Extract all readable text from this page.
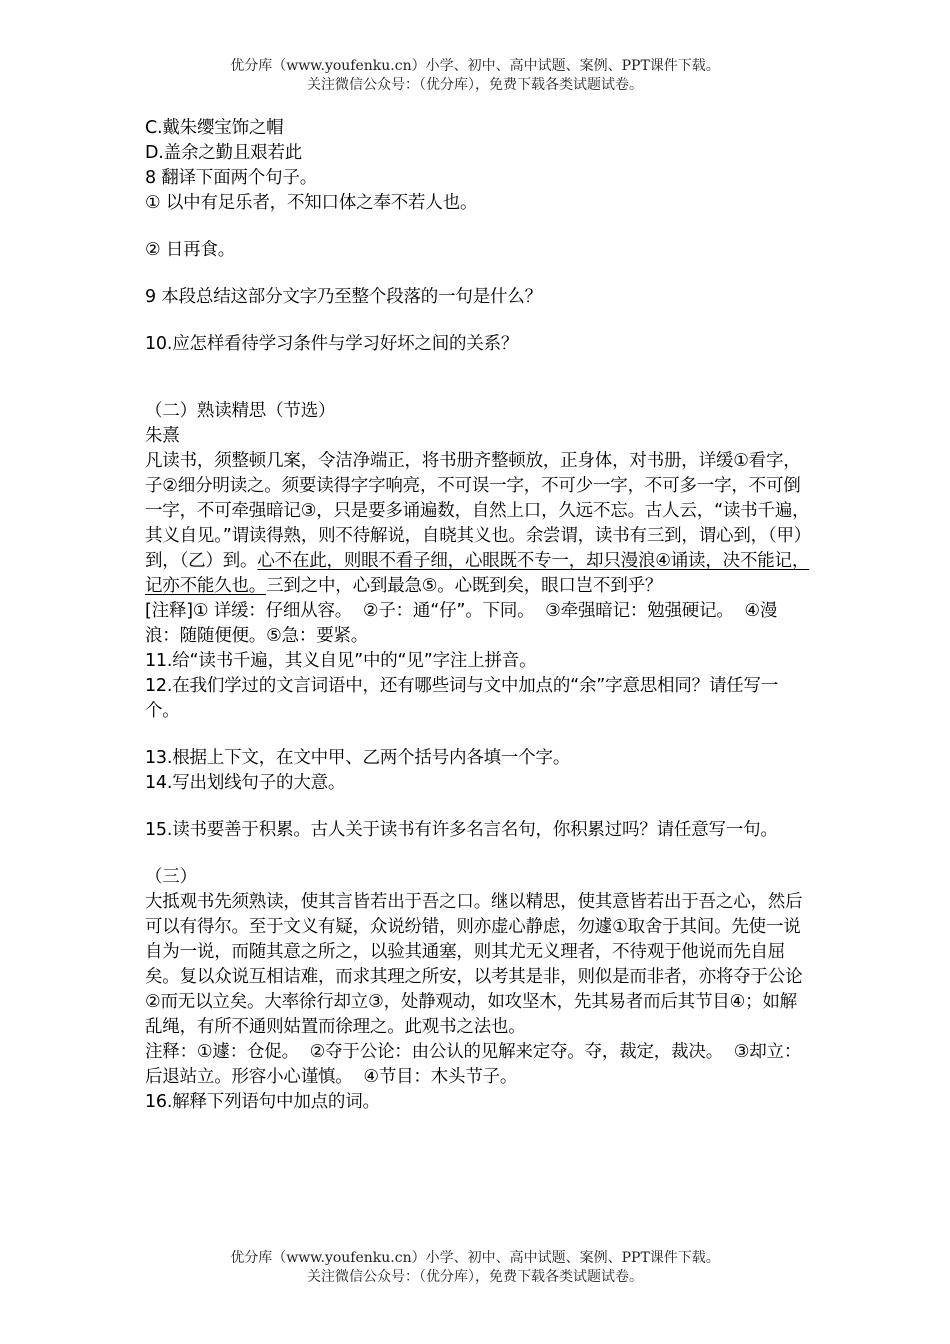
优分库（www.youfenku.cn）小学、初中、高中试题、案例、PPT课件下载。
关注微信公众号：（优分库），免费下载各类试题试卷。

C.戴朱缨宝饰之帽

D.盖余之勤且艰若此

8 翻译下面两个句子。

① 以中有足乐者，不知口体之奉不若人也。

② 日再食。

9 本段总结这部分文字乃至整个段落的一句是什么？

10.应怎样看待学习条件与学习好坏之间的关系？

（二）熟读精思（节选）

朱熹

凡读书，须整顿几案，令洁净端正，将书册齐整顿放，正身体，对书册，详缓①看字，子②细分明读之。须要读得字字响亮，不可误一字，不可少一字，不可多一字，不可倒一字，不可牵强暗记③，只是要多诵遍数，自然上口，久远不忘。古人云，“读书千遍，其义自见。”谓读得熟，则不待解说，自晓其义也。余尝谓，读书有三到，谓心到，（甲）到，（乙）到。心不在此，则眼不看子细，心眼既不专一，却只漫浪④诵读，决不能记，记亦不能久也。三到之中，心到最急⑤。心既到矣，眼口岂不到乎？

[注释]① 详缓：仔细从容。  ②子：通“仔”。下同。  ③牵强暗记：勉强硬记。  ④漫浪：随随便便。⑤急：要紧。

11.给“读书千遍，其义自见”中的“见”字注上拼音。

12.在我们学过的文言词语中，还有哪些词与文中加点的“余”字意思相同？请任写一个。

13.根据上下文，在文中甲、乙两个括号内各填一个字。

14.写出划线句子的大意。

15.读书要善于积累。古人关于读书有许多名言名句，你积累过吗？请任意写一句。

（三）

大抵观书先须熟读，使其言皆若出于吾之口。继以精思，使其意皆若出于吾之心，然后可以有得尔。至于文义有疑，众说纷错，则亦虚心静虑，勿遽①取舍于其间。先使一说自为一说，而随其意之所之，以验其通塞，则其尤无义理者，不待观于他说而先自屈矣。复以众说互相诘难，而求其理之所安，以考其是非，则似是而非者，亦将夺于公论②而无以立矣。大率徐行却立③，处静观动，如攻坚木，先其易者而后其节目④；如解乱绳，有所不通则姑置而徐理之。此观书之法也。

注释：①遽：仓促。  ②夺于公论：由公认的见解来定夺。夺，裁定，裁决。  ③却立：后退站立。形容小心谨慎。  ④节目：木头节子。

16.解释下列语句中加点的词。

优分库（www.youfenku.cn）小学、初中、高中试题、案例、PPT课件下载。
关注微信公众号：（优分库），免费下载各类试题试卷。
